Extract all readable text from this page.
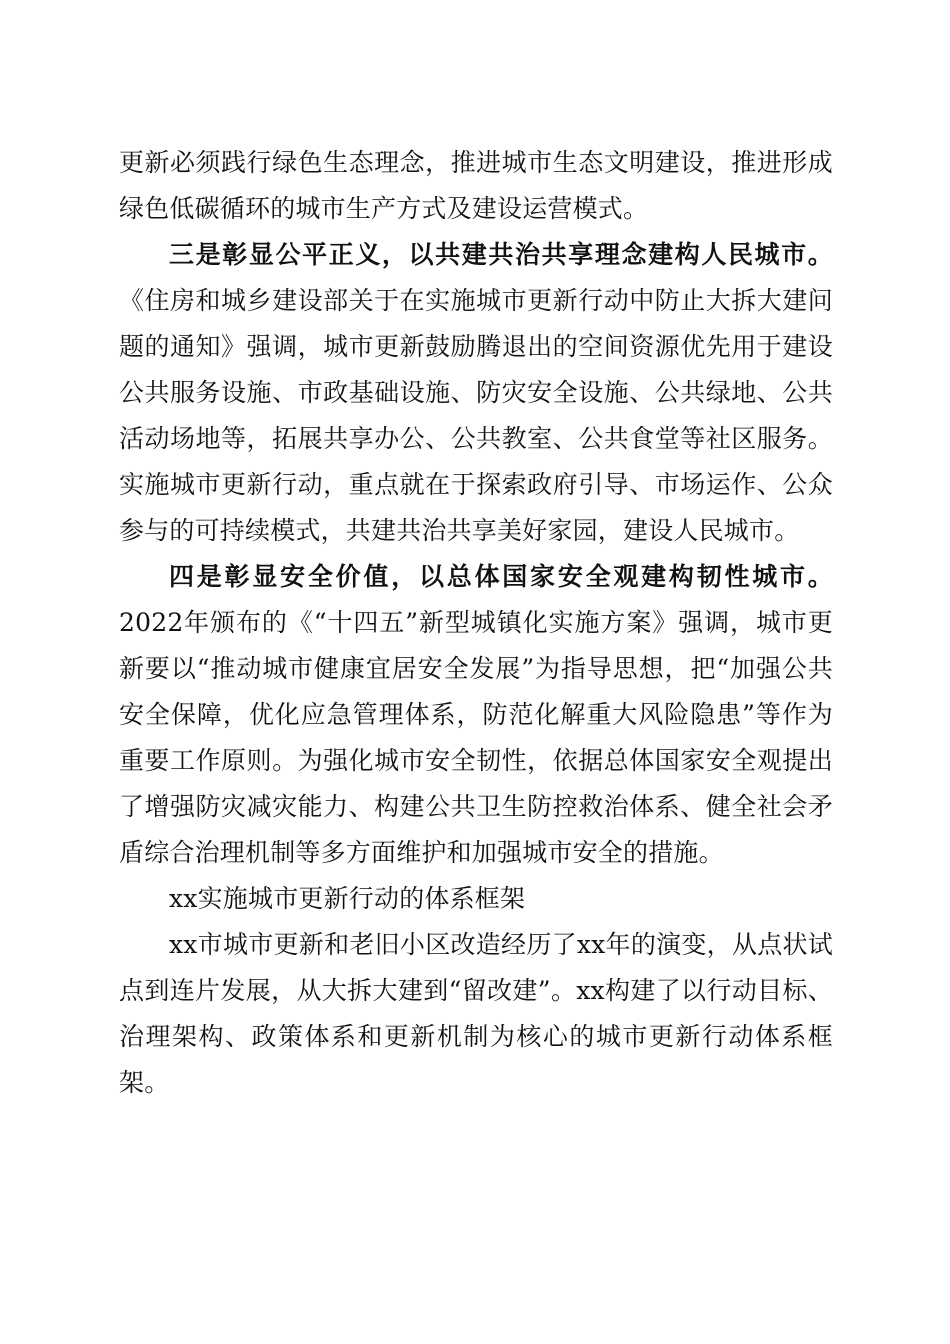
更新必须践行绿色生态理念，推进城市生态文明建设，推进形成绿色低碳循环的城市生产方式及建设运营模式。

三是彰显公平正义，以共建共治共享理念建构人民城市。《住房和城乡建设部关于在实施城市更新行动中防止大拆大建问题的通知》强调，城市更新鼓励腾退出的空间资源优先用于建设公共服务设施、市政基础设施、防灾安全设施、公共绿地、公共活动场地等，拓展共享办公、公共教室、公共食堂等社区服务。实施城市更新行动，重点就在于探索政府引导、市场运作、公众参与的可持续模式，共建共治共享美好家园，建设人民城市。

四是彰显安全价值，以总体国家安全观建构韧性城市。2022年颁布的《“十四五”新型城镇化实施方案》强调，城市更新要以“推动城市健康宜居安全发展”为指导思想，把“加强公共安全保障，优化应急管理体系，防范化解重大风险隐患”等作为重要工作原则。为强化城市安全韧性，依据总体国家安全观提出了增强防灾减灾能力、构建公共卫生防控救治体系、健全社会矛盾综合治理机制等多方面维护和加强城市安全的措施。

xx实施城市更新行动的体系框架

xx市城市更新和老旧小区改造经历了xx年的演变，从点状试点到连片发展，从大拆大建到“留改建”。xx构建了以行动目标、治理架构、政策体系和更新机制为核心的城市更新行动体系框架。
